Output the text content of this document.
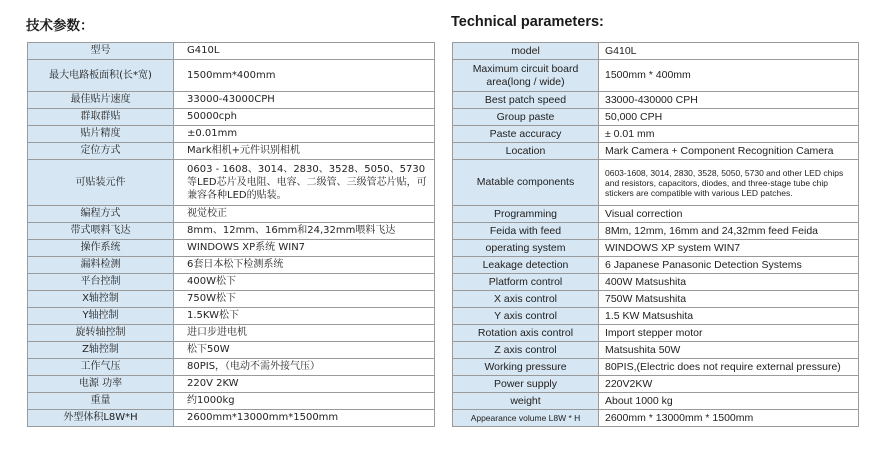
技术参数：	Technical parameters:
型号	G410L
最大电路板面积(长*宽)	1500mm*400mm
最佳贴片速度	33000-43000CPH
群取群贴	50000cph
贴片精度	±0.01mm
定位方式	Mark相机+元件识别相机
可贴装元件	0603 - 1608、3014、2830、3528、5050、5730等LED芯片及电阻、电容、二级管、三级管芯片贴，可兼容各种LED的贴装。
编程方式	视觉校正
带式喂料飞达	8mm、12mm、16mm和24,32mm喂料飞达
操作系统	WINDOWS XP系统 WIN7
漏料检测	6套日本松下检测系统
平台控制	400W松下
X轴控制	750W松下
Y轴控制	1.5KW松下
旋转轴控制	进口步进电机
Z轴控制	松下50W
工作气压	80PIS，（电动不需外接气压）
电源 功率	220V 2KW
重量	约1000kg
外型体积L8W*H	2600mm*13000mm*1500mm
model	G410L
Maximum circuit board area(long / wide)	1500mm * 400mm
Best patch speed	33000-430000 CPH
Group paste	50,000 CPH
Paste accuracy	± 0.01 mm
Location	Mark Camera + Component Recognition Camera
Matable components	0603-1608, 3014, 2830, 3528, 5050, 5730 and other LED chips and resistors, capacitors, diodes, and three-stage tube chip stickers are compatible with various LED patches.
Programming	Visual correction
Feida with feed	8Mm, 12mm, 16mm and 24,32mm feed Feida
operating system	WINDOWS XP system WIN7
Leakage detection	6 Japanese Panasonic Detection Systems
Platform control	400W Matsushita
X axis control	750W Matsushita
Y axis control	1.5 KW Matsushita
Rotation axis control	Import stepper motor
Z axis control	Matsushita 50W
Working pressure	80PIS,(Electric does not require external pressure)
Power supply	220V2KW
weight	About 1000 kg
Appearance volume L8W * H	2600mm * 13000mm * 1500mm
